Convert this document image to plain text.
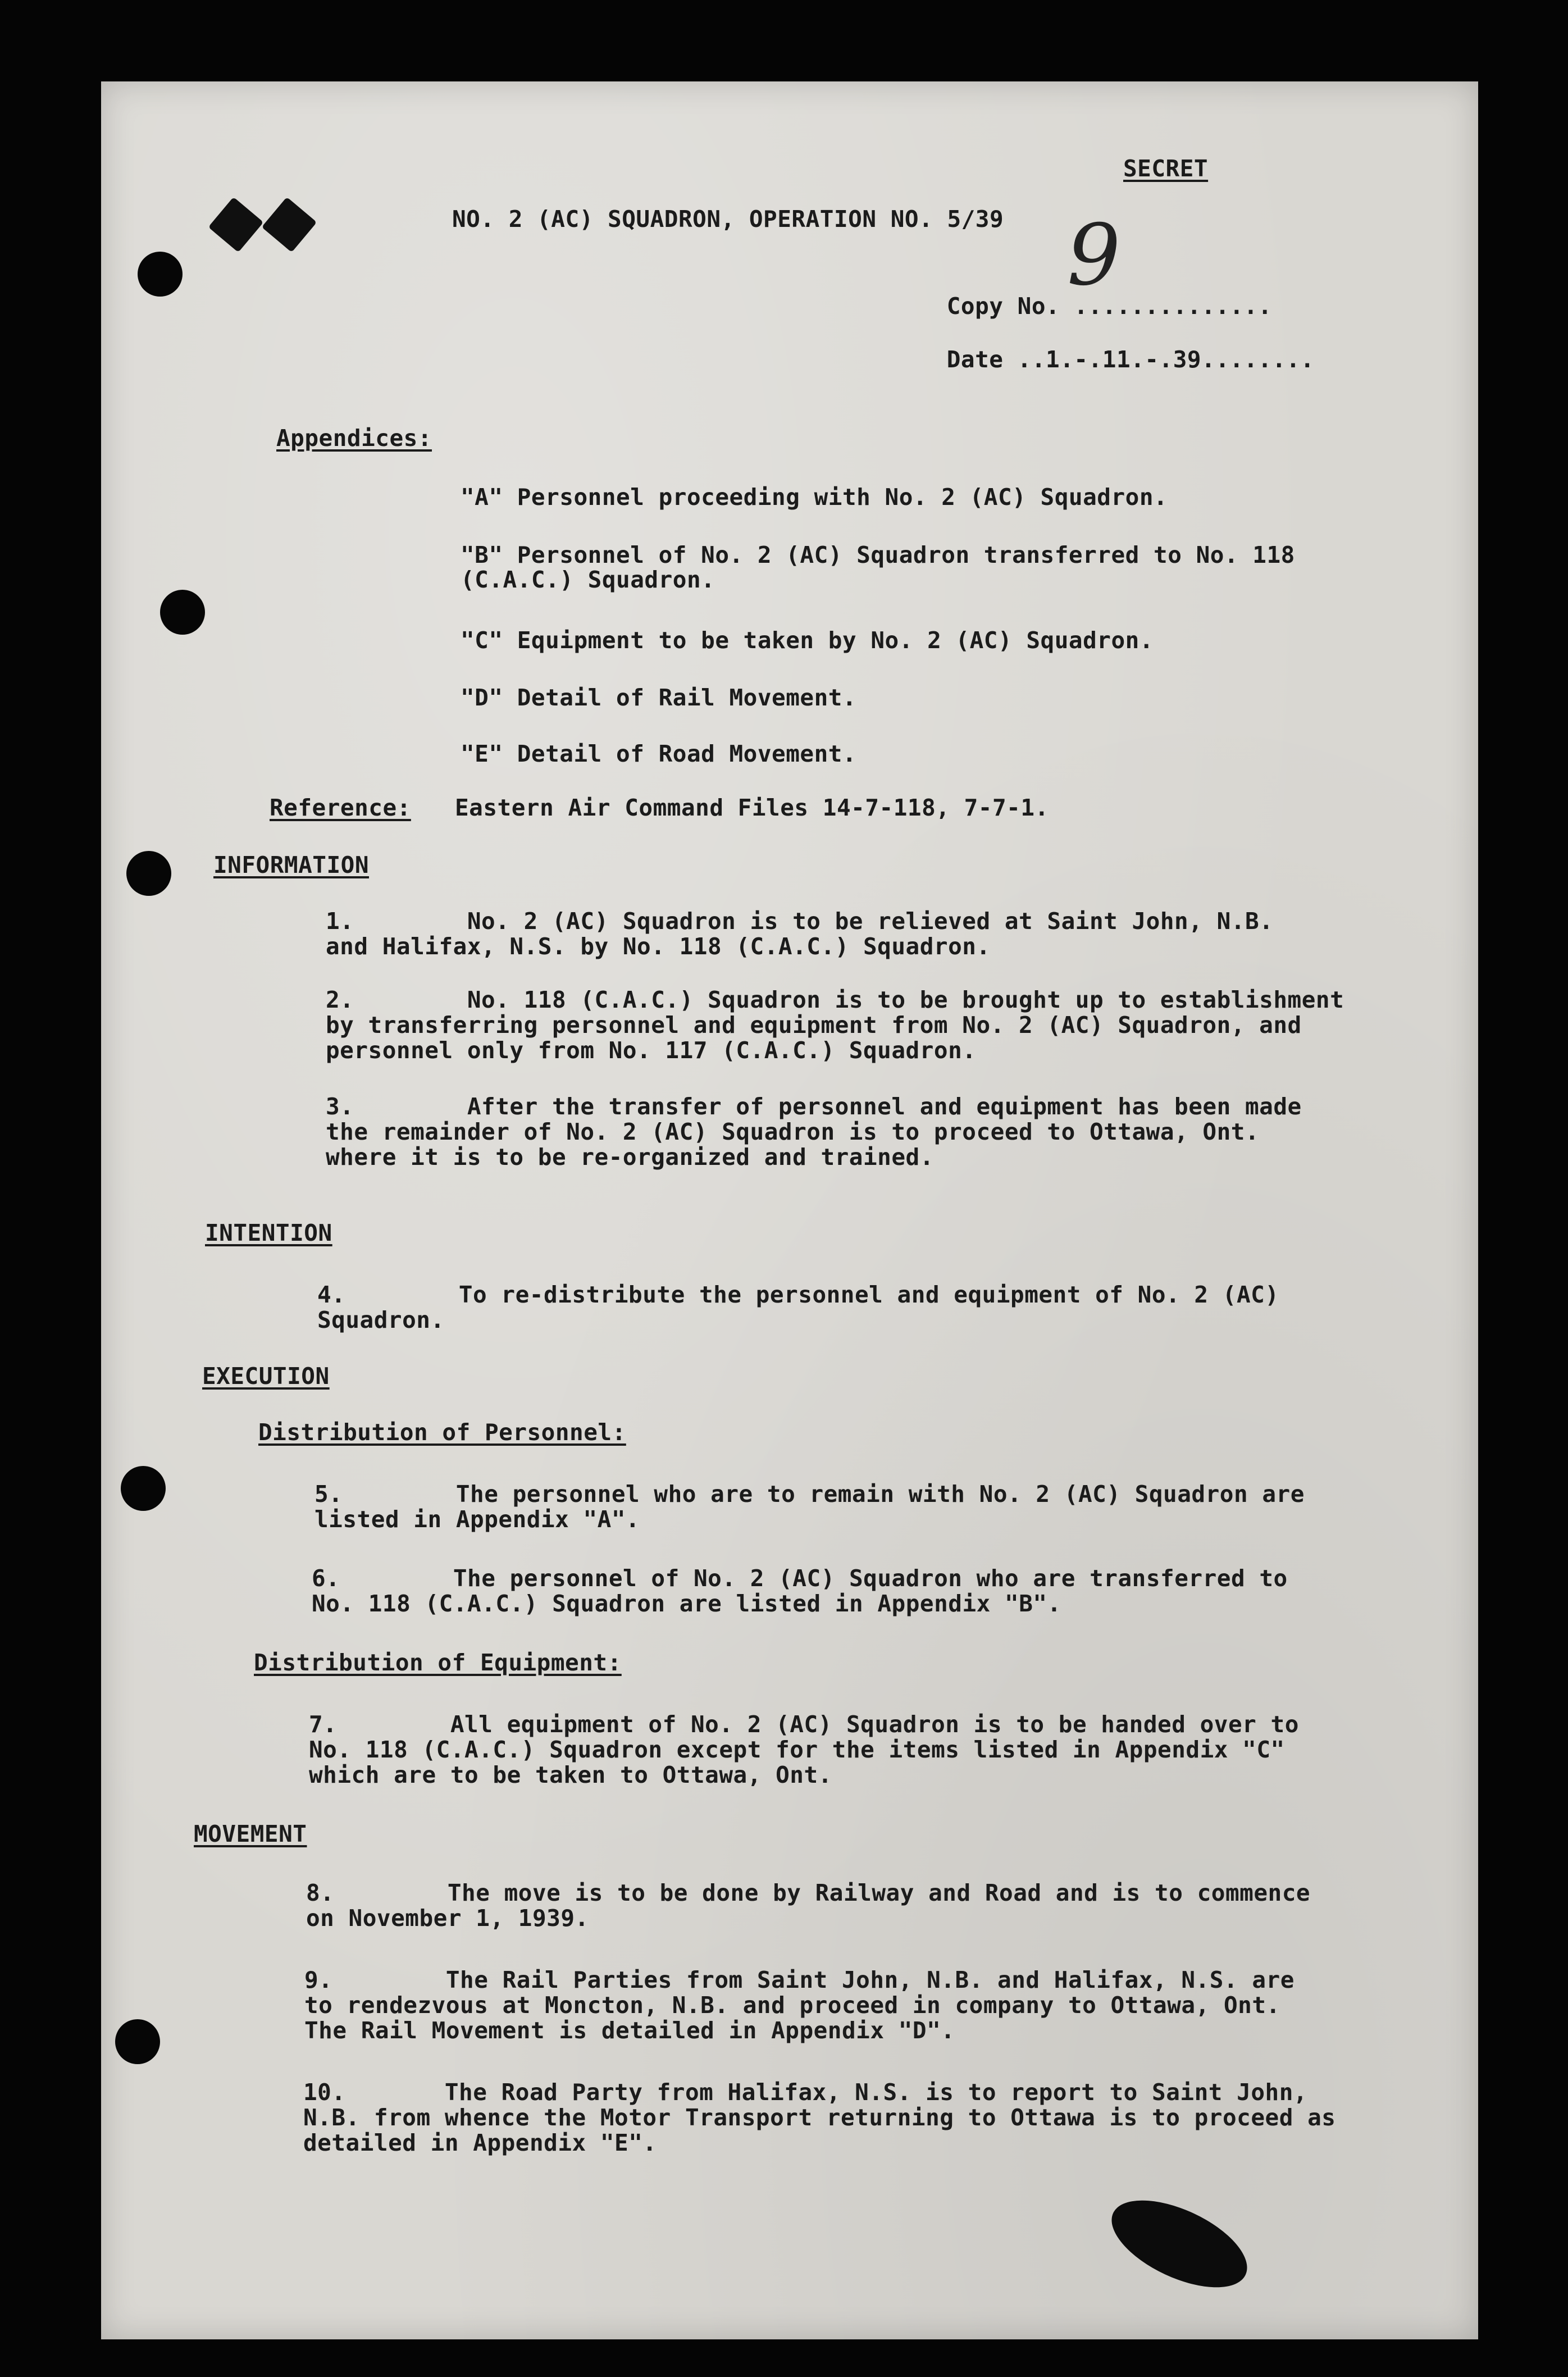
SECRET
NO. 2 (AC) SQUADRON, OPERATION NO. 5/39

Copy No. ..............

9

Date ..1.-.11.-.39........

Appendices:
"A" Personnel proceeding with No. 2 (AC) Squadron.
"B" Personnel of No. 2 (AC) Squadron transferred to No. 118
(C.A.C.) Squadron.
"C" Equipment to be taken by No. 2 (AC) Squadron.
"D" Detail of Rail Movement.
"E" Detail of Road Movement.
Reference: Eastern Air Command Files 14-7-118, 7-7-1.
INFORMATION
1.        No. 2 (AC) Squadron is to be relieved at Saint John, N.B.
and Halifax, N.S. by No. 118 (C.A.C.) Squadron.
2.        No. 118 (C.A.C.) Squadron is to be brought up to establishment
by transferring personnel and equipment from No. 2 (AC) Squadron, and
personnel only from No. 117 (C.A.C.) Squadron.
3.        After the transfer of personnel and equipment has been made
the remainder of No. 2 (AC) Squadron is to proceed to Ottawa, Ont.
where it is to be re-organized and trained.
INTENTION
4.        To re-distribute the personnel and equipment of No. 2 (AC)
Squadron.
EXECUTION
Distribution of Personnel:
5.        The personnel who are to remain with No. 2 (AC) Squadron are
listed in Appendix "A".
6.        The personnel of No. 2 (AC) Squadron who are transferred to
No. 118 (C.A.C.) Squadron are listed in Appendix "B".
Distribution of Equipment:
7.        All equipment of No. 2 (AC) Squadron is to be handed over to
No. 118 (C.A.C.) Squadron except for the items listed in Appendix "C"
which are to be taken to Ottawa, Ont.
MOVEMENT
8.        The move is to be done by Railway and Road and is to commence
on November 1, 1939.
9.        The Rail Parties from Saint John, N.B. and Halifax, N.S. are
to rendezvous at Moncton, N.B. and proceed in company to Ottawa, Ont.
The Rail Movement is detailed in Appendix "D".
10.       The Road Party from Halifax, N.S. is to report to Saint John,
N.B. from whence the Motor Transport returning to Ottawa is to proceed as
detailed in Appendix "E".
